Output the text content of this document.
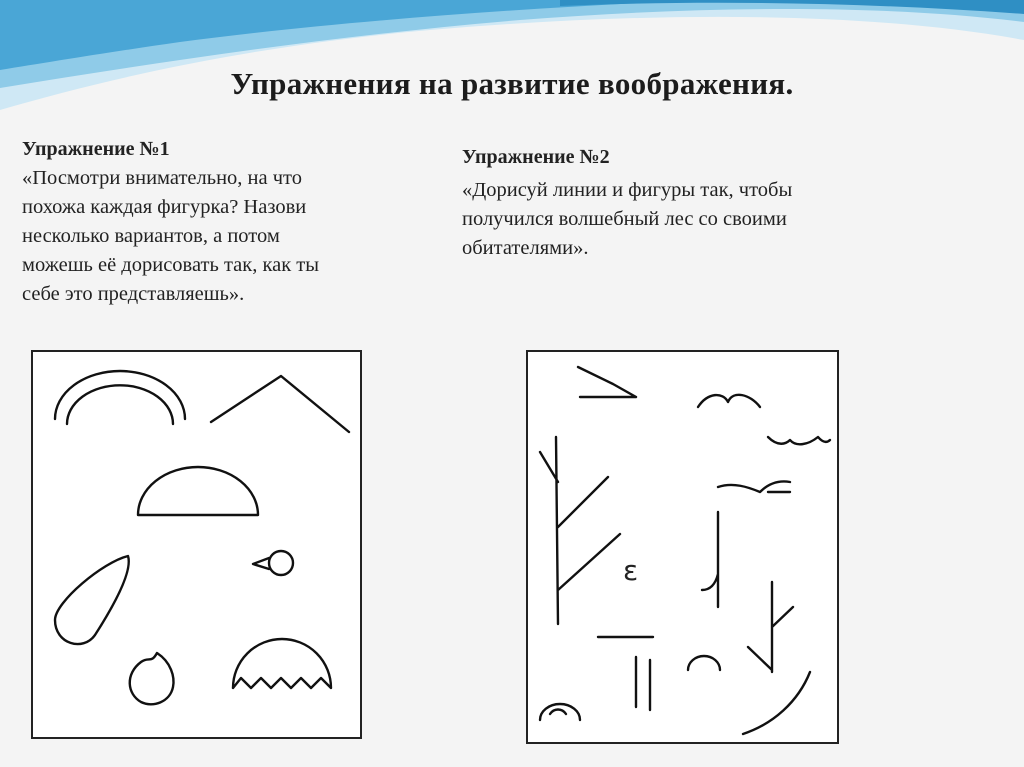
Упражнения на развитие воображения.
Упражнение №1
«Посмотри внимательно, на что
похожа каждая фигурка? Назови
несколько вариантов, а потом
можешь её дорисовать так, как ты
себе это представляешь».
Упражнение №2
«Дорисуй линии и фигуры так, чтобы
получился волшебный лес со своими
обитателями».
ε
